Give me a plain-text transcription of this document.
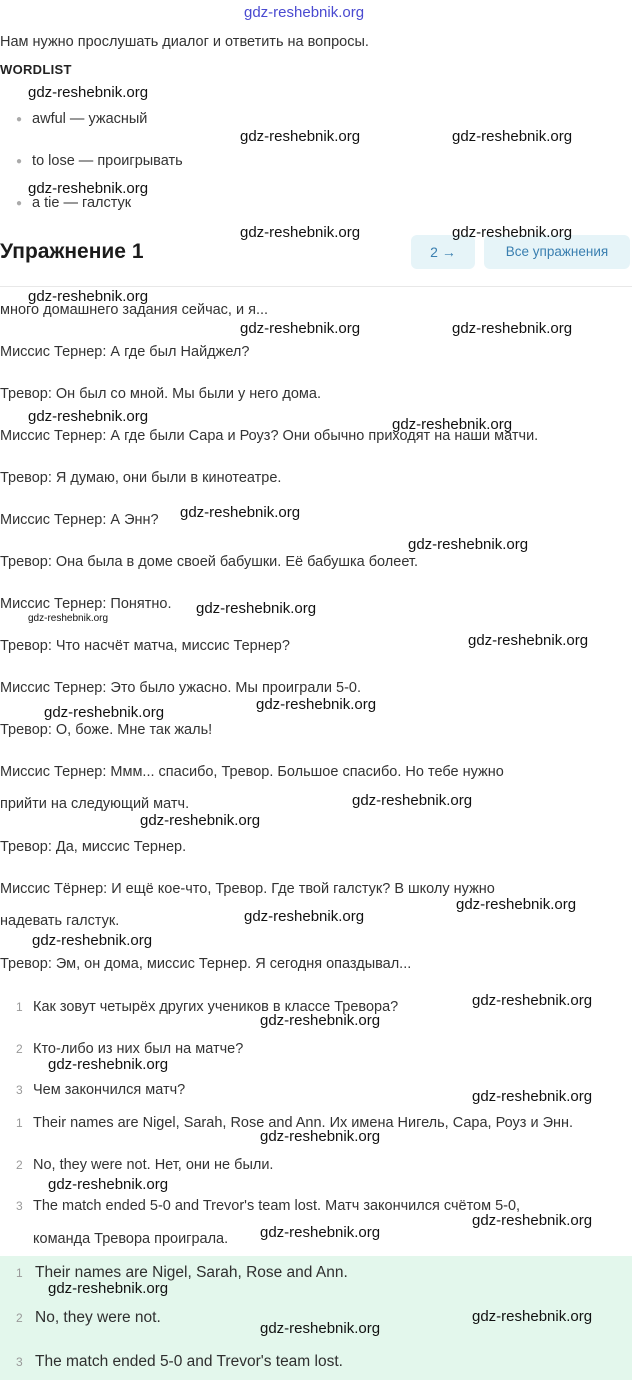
gdz-reshebnik.org
Нам нужно прослушать диалог и ответить на вопросы.
WORDLIST
● awful — ужасный
● to lose — проигрывать
● a tie — галстук
Упражнение 1	2 →	Все упражнения
много домашнего задания сейчас, и я...
Миссис Тернер: А где был Найджел?
Тревор: Он был со мной. Мы были у него дома.
Миссис Тернер: А где были Сара и Роуз? Они обычно приходят на наши матчи.
Тревор: Я думаю, они были в кинотеатре.
Миссис Тернер: А Энн?
Тревор: Она была в доме своей бабушки. Её бабушка болеет.
Миссис Тернер: Понятно.
Тревор: Что насчёт матча, миссис Тернер?
Миссис Тернер: Это было ужасно. Мы проиграли 5-0.
Тревор: О, боже. Мне так жаль!
Миссис Тернер: Ммм... спасибо, Тревор. Большое спасибо. Но тебе нужно
прийти на следующий матч.
Тревор: Да, миссис Тернер.
Миссис Тёрнер: И ещё кое-что, Тревор. Где твой галстук? В школу нужно
надевать галстук.
Тревор: Эм, он дома, миссис Тернер. Я сегодня опаздывал...
1 Как зовут четырёх других учеников в классе Тревора?
2 Кто-либо из них был на матче?
3 Чем закончился матч?
1 Their names are Nigel, Sarah, Rose and Ann. Их имена Нигель, Сара, Роуз и Энн.
2 No, they were not. Нет, они не были.
3 The match ended 5-0 and Trevor's team lost. Матч закончился счётом 5-0,
команда Тревора проиграла.
1 Their names are Nigel, Sarah, Rose and Ann.
2 No, they were not.
3 The match ended 5-0 and Trevor's team lost.
gdz-reshebnik.org
gdz-reshebnik.org	gdz-reshebnik.org
gdz-reshebnik.org
gdz-reshebnik.org	gdz-reshebnik.org
gdz-reshebnik.org
gdz-reshebnik.org	gdz-reshebnik.org
gdz-reshebnik.org	gdz-reshebnik.org
gdz-reshebnik.org
gdz-reshebnik.org
gdz-reshebnik.org
gdz-reshebnik.org
gdz-reshebnik.org
gdz-reshebnik.org
gdz-reshebnik.org
gdz-reshebnik.org
gdz-reshebnik.org
gdz-reshebnik.org
gdz-reshebnik.org
gdz-reshebnik.org
gdz-reshebnik.org
gdz-reshebnik.org
gdz-reshebnik.org
gdz-reshebnik.org
gdz-reshebnik.org
gdz-reshebnik.org
gdz-reshebnik.org
gdz-reshebnik.org
gdz-reshebnik.org
gdz-reshebnik.org
gdz-reshebnik.org
